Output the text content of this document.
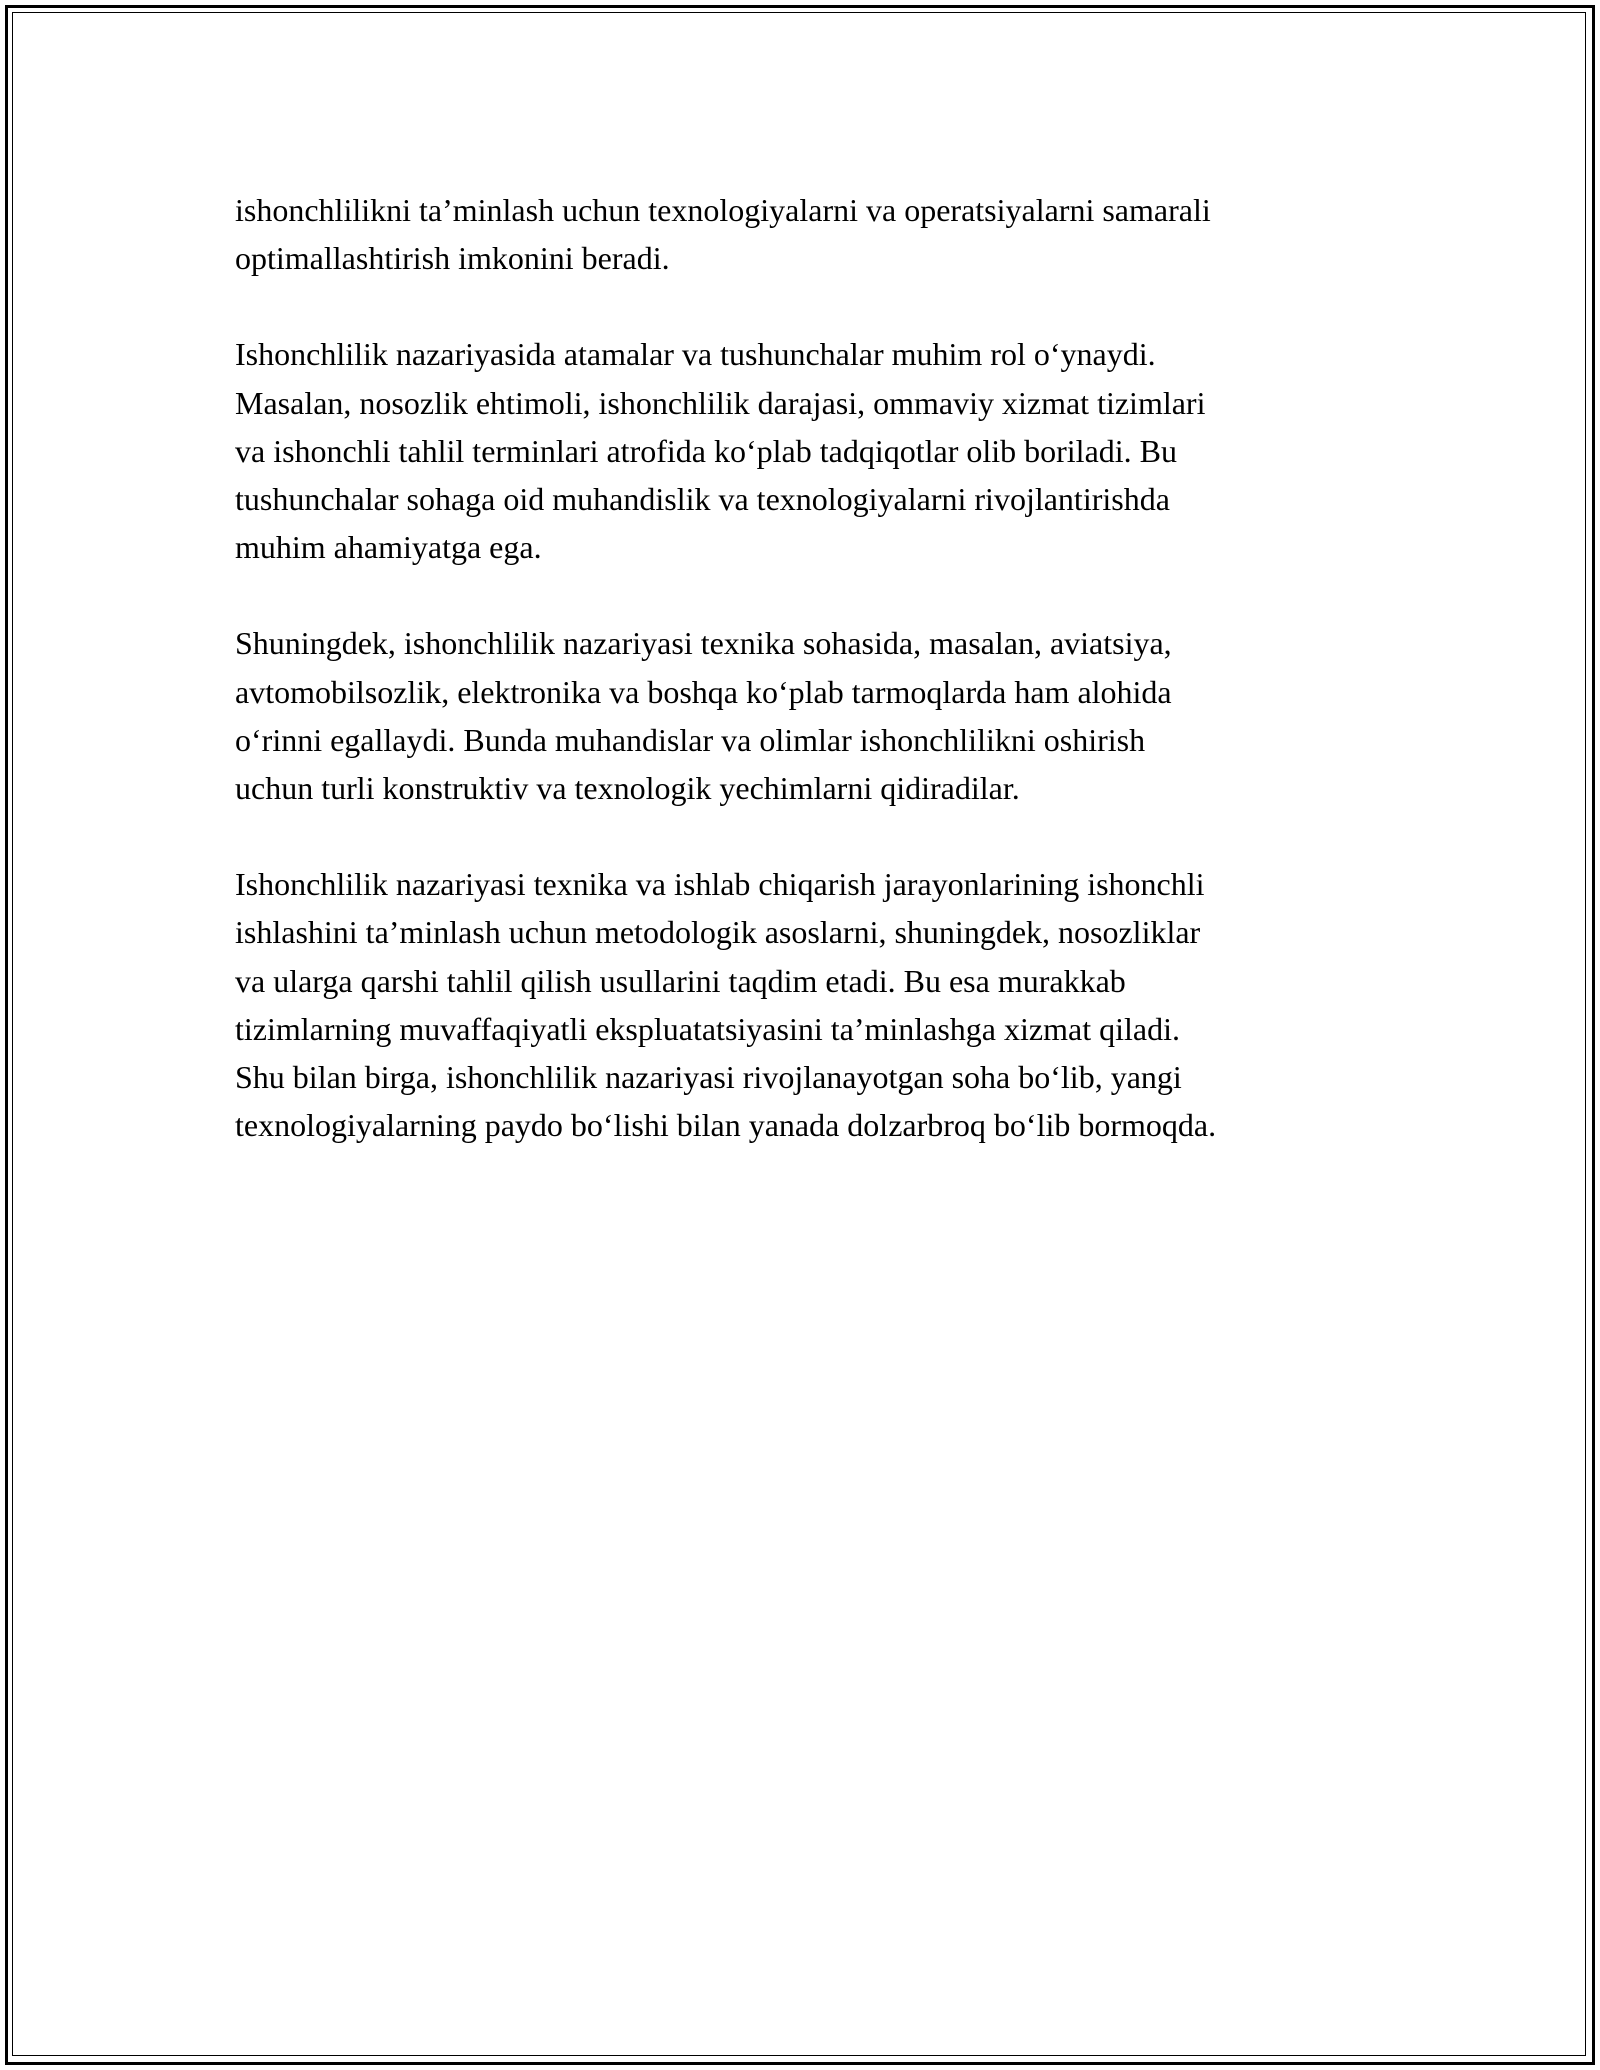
ishonchlilikni ta’minlash uchun texnologiyalarni va operatsiyalarni samarali
optimallashtirish imkonini beradi.

Ishonchlilik nazariyasida atamalar va tushunchalar muhim rol o‘ynaydi.
Masalan, nosozlik ehtimoli, ishonchlilik darajasi, ommaviy xizmat tizimlari
va ishonchli tahlil terminlari atrofida ko‘plab tadqiqotlar olib boriladi. Bu
tushunchalar sohaga oid muhandislik va texnologiyalarni rivojlantirishda
muhim ahamiyatga ega.

Shuningdek, ishonchlilik nazariyasi texnika sohasida, masalan, aviatsiya,
avtomobilsozlik, elektronika va boshqa ko‘plab tarmoqlarda ham alohida
o‘rinni egallaydi. Bunda muhandislar va olimlar ishonchlilikni oshirish
uchun turli konstruktiv va texnologik yechimlarni qidiradilar.

Ishonchlilik nazariyasi texnika va ishlab chiqarish jarayonlarining ishonchli
ishlashini ta’minlash uchun metodologik asoslarni, shuningdek, nosozliklar
va ularga qarshi tahlil qilish usullarini taqdim etadi. Bu esa murakkab
tizimlarning muvaffaqiyatli ekspluatatsiyasini ta’minlashga xizmat qiladi.
Shu bilan birga, ishonchlilik nazariyasi rivojlanayotgan soha bo‘lib, yangi
texnologiyalarning paydo bo‘lishi bilan yanada dolzarbroq bo‘lib bormoqda.
